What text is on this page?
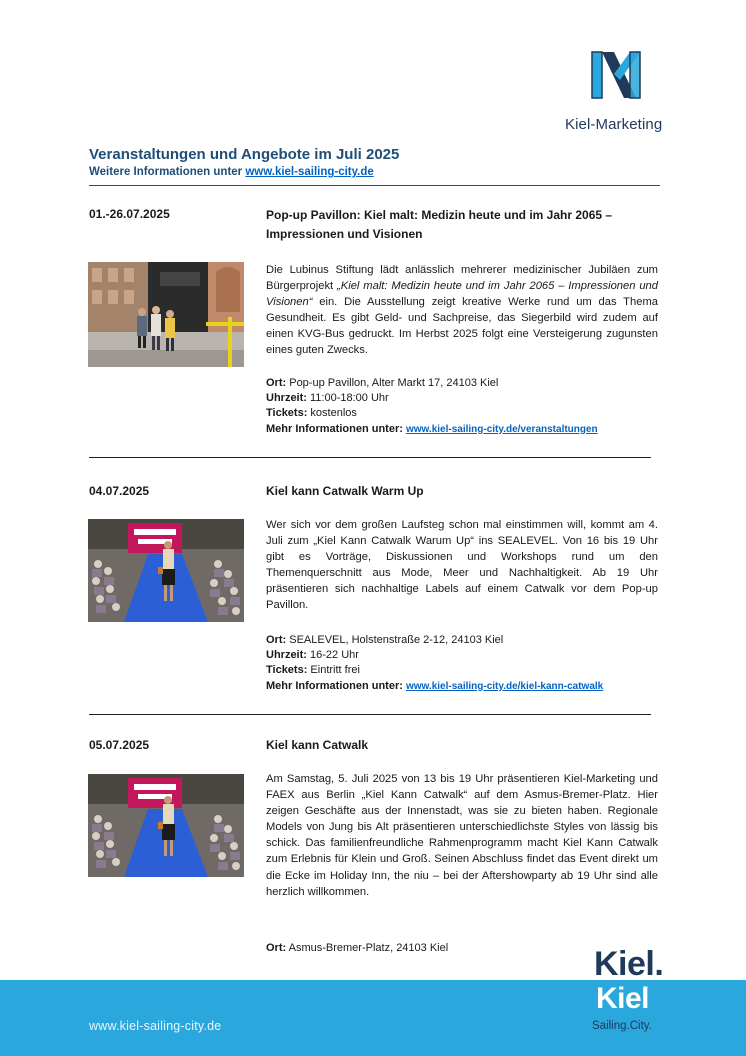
Kiel-Marketing
Veranstaltungen und Angebote im Juli 2025
Weitere Informationen unter www.kiel-sailing-city.de
01.-26.07.2025	Pop-up Pavillon: Kiel malt: Medizin heute und im Jahr 2065 – Impressionen und Visionen
Die Lubinus Stiftung lädt anlässlich mehrerer medizinischer Jubiläen zum Bürgerprojekt „Kiel malt: Medizin heute und im Jahr 2065 – Impressionen und Visionen“ ein. Die Ausstellung zeigt kreative Werke rund um das Thema Gesundheit. Es gibt Geld- und Sachpreise, das Siegerbild wird zudem auf einen KVG-Bus gedruckt. Im Herbst 2025 folgt eine Versteigerung zugunsten eines guten Zwecks.
Ort: Pop-up Pavillon, Alter Markt 17, 24103 Kiel
Uhrzeit: 11:00-18:00 Uhr
Tickets: kostenlos
Mehr Informationen unter: www.kiel-sailing-city.de/veranstaltungen
04.07.2025	Kiel kann Catwalk Warm Up
Wer sich vor dem großen Laufsteg schon mal einstimmen will, kommt am 4. Juli zum „Kiel Kann Catwalk Warum Up“ ins SEALEVEL. Von 16 bis 19 Uhr gibt es Vorträge, Diskussionen und Workshops rund um den Themenquerschnitt aus Mode, Meer und Nachhaltigkeit. Ab 19 Uhr präsentieren sich nachhaltige Labels auf einem Catwalk vor dem Pop-up Pavillon.
Ort: SEALEVEL, Holstenstraße 2-12, 24103 Kiel
Uhrzeit: 16-22 Uhr
Tickets: Eintritt frei
Mehr Informationen unter: www.kiel-sailing-city.de/kiel-kann-catwalk
05.07.2025	Kiel kann Catwalk
Am Samstag, 5. Juli 2025 von 13 bis 19 Uhr präsentieren Kiel-Marketing und FAEX aus Berlin „Kiel Kann Catwalk“ auf dem Asmus-Bremer-Platz. Hier zeigen Geschäfte aus der Innenstadt, was sie zu bieten haben. Regionale Models von Jung bis Alt präsentieren unterschiedlichste Styles von lässig bis schick. Das familienfreundliche Rahmenprogramm macht Kiel Kann Catwalk zum Erlebnis für Klein und Groß. Seinen Abschluss findet das Event direkt um die Ecke im Holiday Inn, the niu – bei der Aftershowparty ab 19 Uhr sind alle herzlich willkommen.
Ort: Asmus-Bremer-Platz, 24103 Kiel
www.kiel-sailing-city.de
Kiel.
Kiel
Sailing.City.
